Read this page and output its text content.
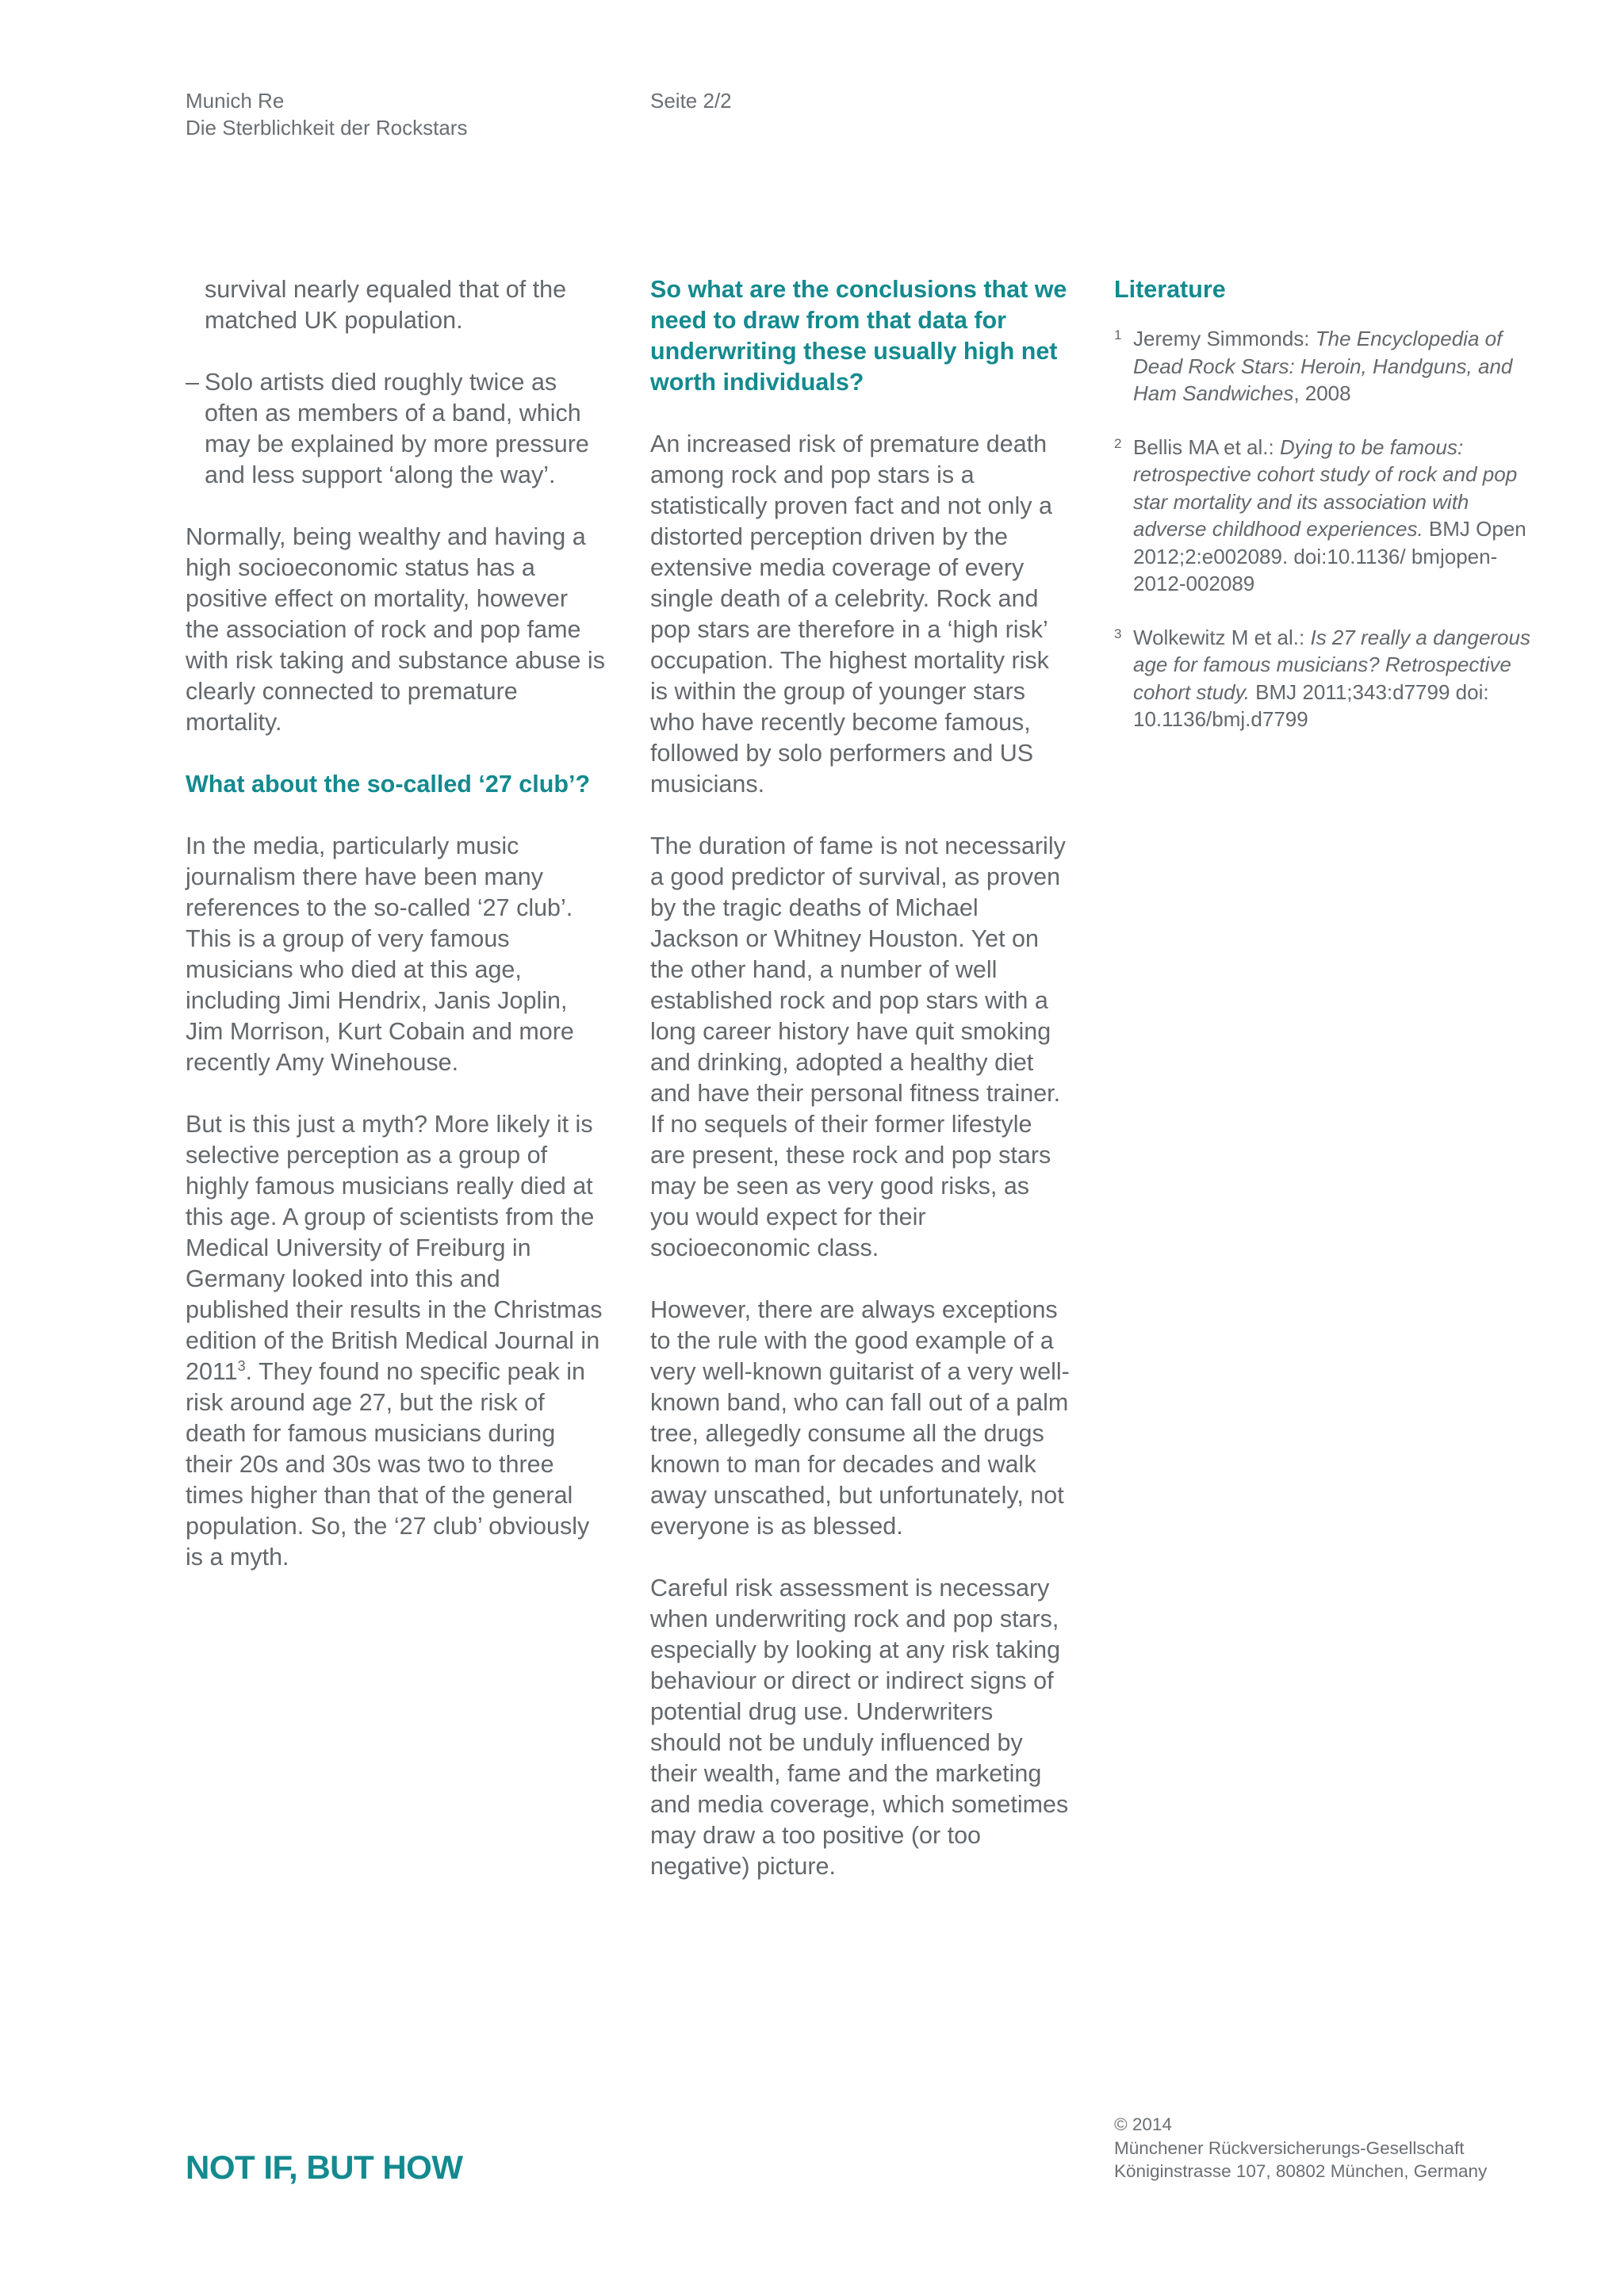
Munich Re
Die Sterblichkeit der Rockstars
Seite 2/2

survival nearly equaled that of the matched UK population.

– Solo artists died roughly twice as often as members of a band, which may be explained by more pressure and less support ‘along the way’.

Normally, being wealthy and having a high socioeconomic status has a positive effect on mortality, however the association of rock and pop fame with risk taking and substance abuse is clearly connected to premature mortality.

What about the so-called ‘27 club’?

In the media, particularly music journalism there have been many references to the so-called ‘27 club’. This is a group of very famous musicians who died at this age, including Jimi Hendrix, Janis Joplin, Jim Morrison, Kurt Cobain and more recently Amy Winehouse.

But is this just a myth? More likely it is selective perception as a group of highly famous musicians really died at this age. A group of scientists from the Medical University of Freiburg in Germany looked into this and published their results in the Christmas edition of the British Medical Journal in 2011$^3$. They found no specific peak in risk around age 27, but the risk of death for famous musicians during their 20s and 30s was two to three times higher than that of the general population. So, the ‘27 club’ obviously is a myth.

So what are the conclusions that we need to draw from that data for underwriting these usually high net worth individuals?

An increased risk of premature death among rock and pop stars is a statistically proven fact and not only a distorted perception driven by the extensive media coverage of every single death of a celebrity. Rock and pop stars are therefore in a ‘high risk’ occupation. The highest mortality risk is within the group of younger stars who have recently become famous, followed by solo performers and US musicians.

The duration of fame is not necessarily a good predictor of survival, as proven by the tragic deaths of Michael Jackson or Whitney Houston. Yet on the other hand, a number of well established rock and pop stars with a long career history have quit smoking and drinking, adopted a healthy diet and have their personal fitness trainer. If no sequels of their former lifestyle are present, these rock and pop stars may be seen as very good risks, as you would expect for their socioeconomic class.

However, there are always exceptions to the rule with the good example of a very well-known guitarist of a very well-known band, who can fall out of a palm tree, allegedly consume all the drugs known to man for decades and walk away unscathed, but unfortunately, not everyone is as blessed.

Careful risk assessment is necessary when underwriting rock and pop stars, especially by looking at any risk taking behaviour or direct or indirect signs of potential drug use. Underwriters should not be unduly influenced by their wealth, fame and the marketing and media coverage, which sometimes may draw a too positive (or too negative) picture.

Literature
1 Jeremy Simmonds: The Encyclopedia of Dead Rock Stars: Heroin, Handguns, and Ham Sandwiches, 2008
2 Bellis MA et al.: Dying to be famous: retrospective cohort study of rock and pop star mortality and its association with adverse childhood experiences. BMJ Open 2012;2:e002089. doi:10.1136/ bmjopen-2012-002089
3 Wolkewitz M et al.: Is 27 really a dangerous age for famous musicians? Retrospective cohort study. BMJ 2011;343:d7799 doi: 10.1136/bmj.d7799
NOT IF, BUT HOW
© 2014
Münchener Rückversicherungs-Gesellschaft
Königinstrasse 107, 80802 München, Germany
